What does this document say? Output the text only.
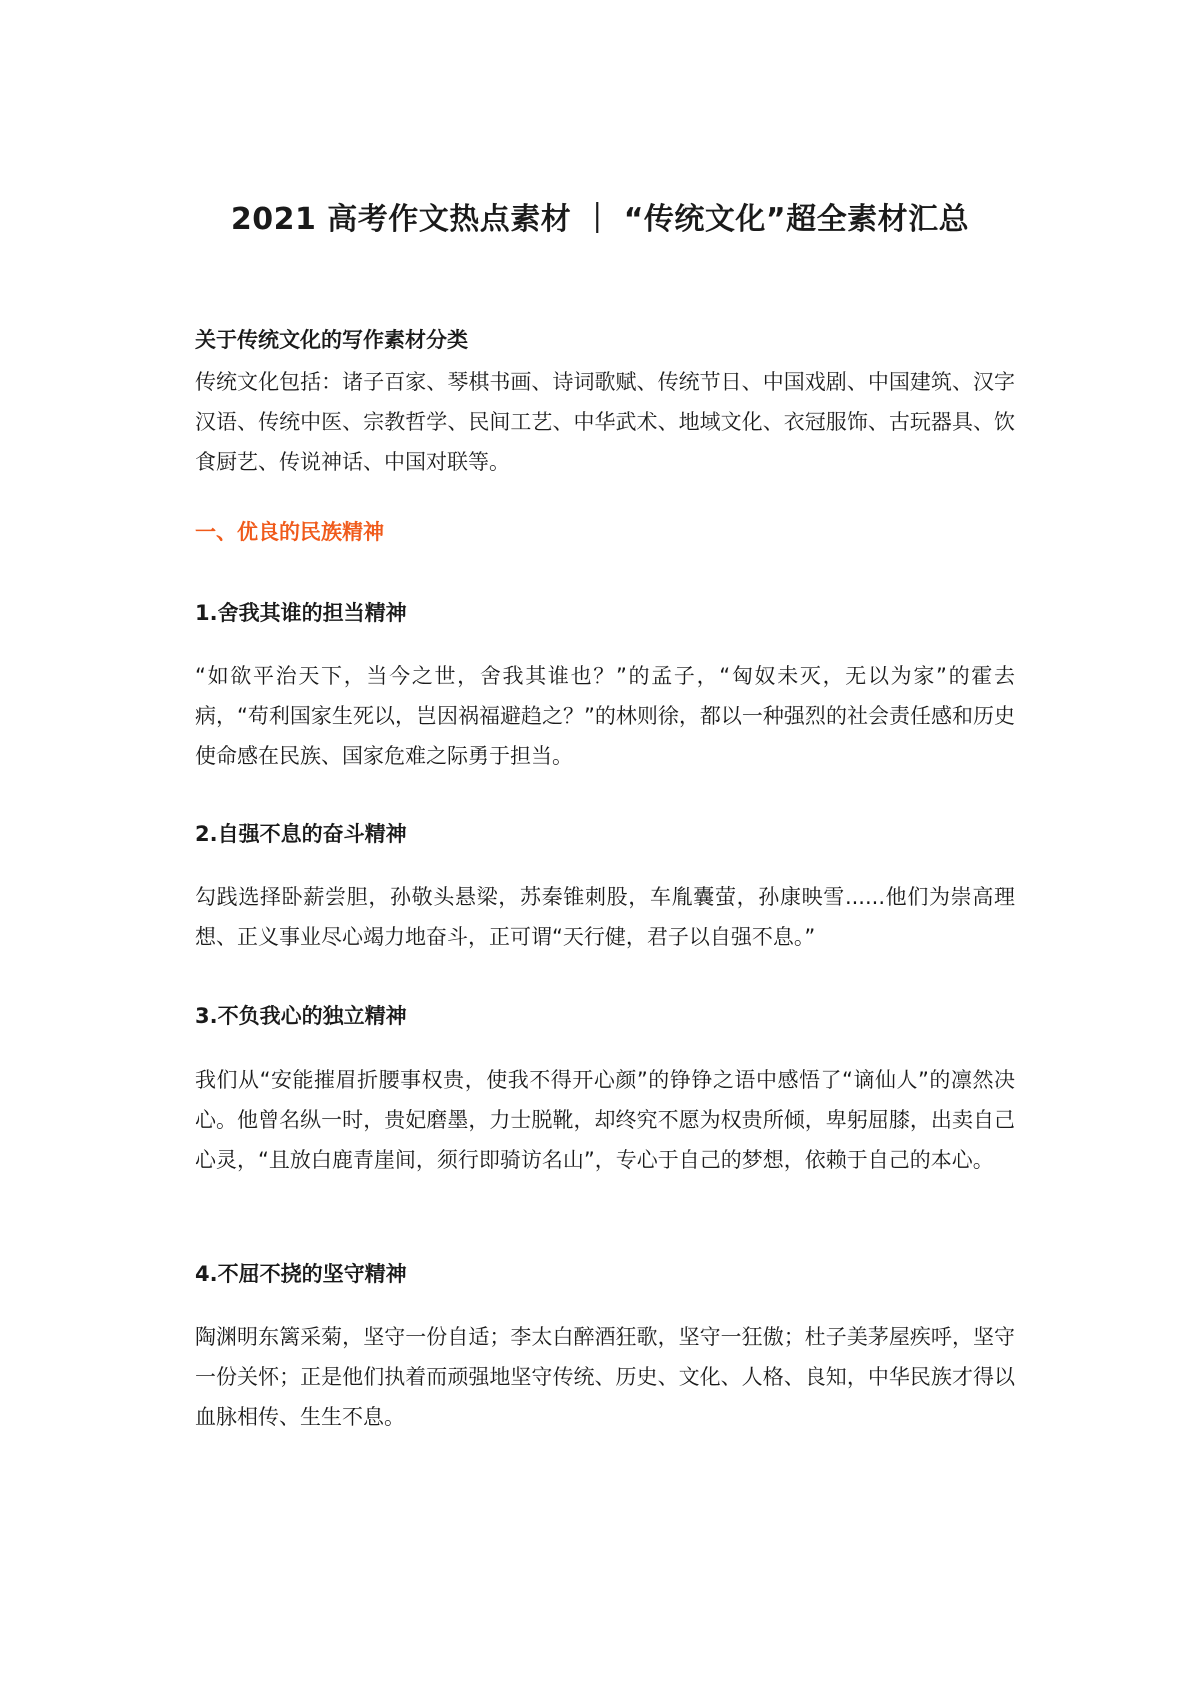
2021 高考作文热点素材 ｜ “传统文化”超全素材汇总
关于传统文化的写作素材分类

传统文化包括：诸子百家、琴棋书画、诗词歌赋、传统节日、中国戏剧、中国建筑、汉字汉语、传统中医、宗教哲学、民间工艺、中华武术、地域文化、衣冠服饰、古玩器具、饮食厨艺、传说神话、中国对联等。

一、优良的民族精神
1.舍我其谁的担当精神

“如欲平治天下，当今之世，舍我其谁也？”的孟子，“匈奴未灭，无以为家”的霍去病，“苟利国家生死以，岂因祸福避趋之？”的林则徐，都以一种强烈的社会责任感和历史使命感在民族、国家危难之际勇于担当。

2.自强不息的奋斗精神

勾践选择卧薪尝胆，孙敬头悬梁，苏秦锥刺股，车胤囊萤，孙康映雪......他们为崇高理想、正义事业尽心竭力地奋斗，正可谓“天行健，君子以自强不息。”

3.不负我心的独立精神

我们从“安能摧眉折腰事权贵，使我不得开心颜”的铮铮之语中感悟了“谪仙人”的凛然决心。他曾名纵一时，贵妃磨墨，力士脱靴，却终究不愿为权贵所倾，卑躬屈膝，出卖自己心灵，“且放白鹿青崖间，须行即骑访名山”，专心于自己的梦想，依赖于自己的本心。

4.不屈不挠的坚守精神

陶渊明东篱采菊，坚守一份自适；李太白醉酒狂歌，坚守一狂傲；杜子美茅屋疾呼，坚守一份关怀；正是他们执着而顽强地坚守传统、历史、文化、人格、良知，中华民族才得以血脉相传、生生不息。
